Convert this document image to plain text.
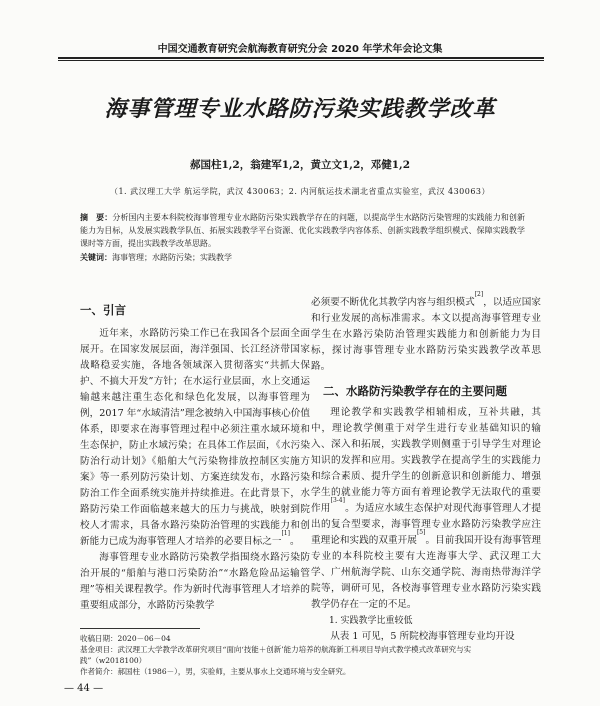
中国交通教育研究会航海教育研究分会 2020 年学术年会论文集
海事管理专业水路防污染实践教学改革
郝国柱1,2，翁建军1,2，黄立文1,2，邓健1,2
（1. 武汉理工大学 航运学院，武汉 430063；2. 内河航运技术湖北省重点实验室，武汉 430063）
摘　要：分析国内主要本科院校海事管理专业水路防污染实践教学存在的问题，以提高学生水路防污染管理的实践能力和创新能力为目标，从发展实践教学队伍、拓展实践教学平台资源、优化实践教学内容体系、创新实践教学组织模式、保障实践教学课时等方面，提出实践教学改革思路。
关键词：海事管理；水路防污染；实践教学

一、引言

近年来，水路防污染工作已在我国各个层面全面展开。在国家发展层面，海洋强国、长江经济带国家战略稳妥实施，各地各领域深入贯彻落实“共抓大保护、不搞大开发”方针；在水运行业层面，水上交通运输越来越注重生态化和绿色化发展，以海事管理为例，2017 年“水域清洁”理念被纳入中国海事核心价值体系，即要求在海事管理过程中必须注重水域环境和生态保护，防止水域污染；在具体工作层面，《水污染防治行动计划》《船舶大气污染物排放控制区实施方案》等一系列防污染计划、方案连续发布，水路污染防治工作全面系统实施并持续推进。在此背景下，水路防污染工作面临越来越大的压力与挑战，映射到院校人才需求，具备水路污染防治管理的实践能力和创新能力已成为海事管理人才培养的必要目标之一[1]。

海事管理专业水路防污染教学指围绕水路污染防治开展的“船舶与港口污染防治”“水路危险品运输管理”等相关课程教学。作为新时代海事管理人才培养的重要组成部分，水路防污染教学

必须要不断优化其教学内容与组织模式[2]，以适应国家和行业发展的高标准需求。本文以提高海事管理专业学生在水路污染防治管理实践能力和创新能力为目标，探讨海事管理专业水路防污染实践教学改革思路。

二、水路防污染教学存在的主要问题

理论教学和实践教学相辅相成，互补共融，其中，理论教学侧重于对学生进行专业基础知识的输入、深入和拓展，实践教学则侧重于引导学生对理论知识的发挥和应用。实践教学在提高学生的实践能力和综合素质、提升学生的创新意识和创新能力、增强学生的就业能力等方面有着理论教学无法取代的重要作用[3-4]。为适应水域生态保护对现代海事管理人才提出的复合型要求，海事管理专业水路防污染教学应注重理论和实践的双重开展[5]。目前我国开设有海事管理专业的本科院校主要有大连海事大学、武汉理工大学、广州航海学院、山东交通学院、海南热带海洋学院等，调研可见，各校海事管理专业水路防污染实践教学仍存在一定的不足。

1. 实践教学比重较低

从表 1 可见，5 所院校海事管理专业均开设

收稿日期：2020－06－04
基金项目：武汉理工大学教学改革研究项目“面向‘技能＋创新’能力培养的航海新工科项目导向式教学模式改革研究与实践”（w2018100）
作者简介：郝国柱（1986－），男，实验师，主要从事水上交通环境与安全研究。
— 44 —
